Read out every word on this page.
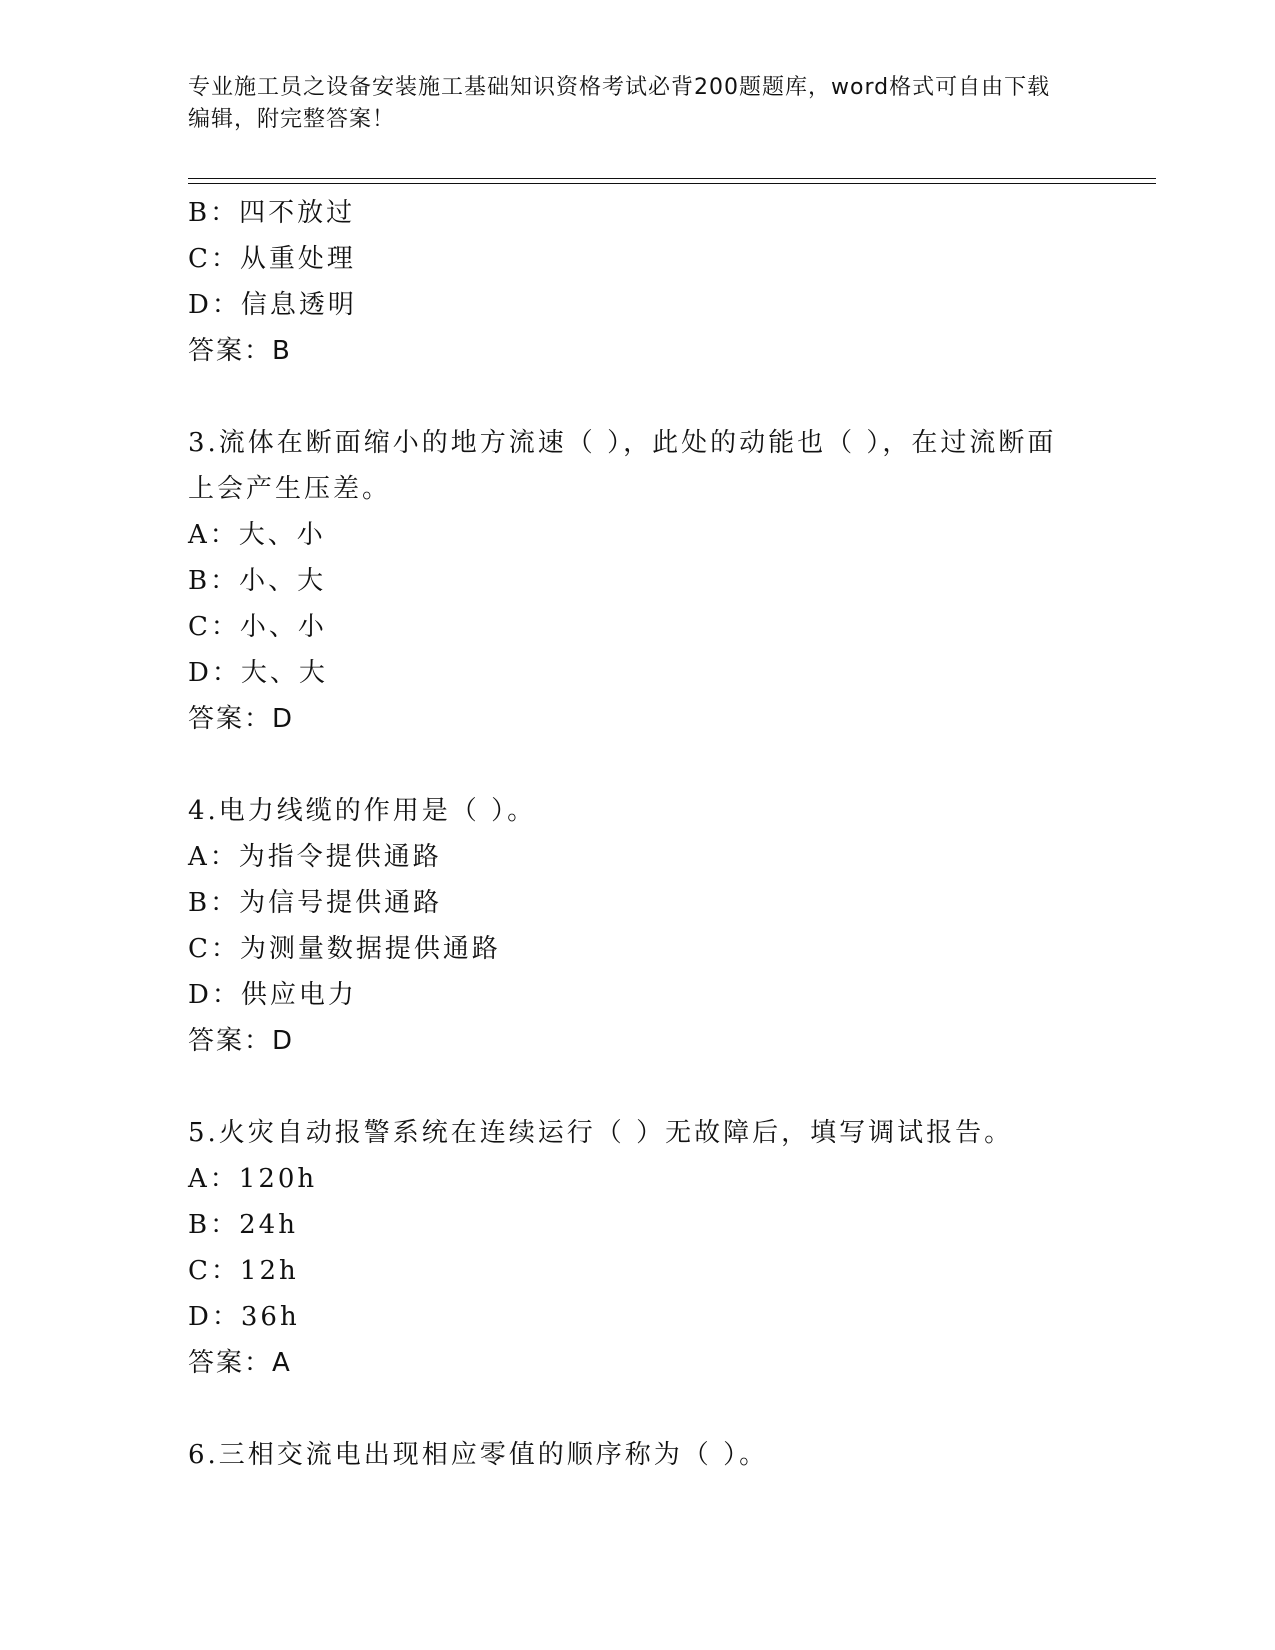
专业施工员之设备安装施工基础知识资格考试必背200题题库，word格式可自由下载编辑，附完整答案！
B：四不放过
C：从重处理
D：信息透明
答案：B
3.流体在断面缩小的地方流速（ ），此处的动能也（ ），在过流断面上会产生压差。
A：大、小
B：小、大
C：小、小
D：大、大
答案：D
4.电力线缆的作用是（ ）。
A：为指令提供通路
B：为信号提供通路
C：为测量数据提供通路
D：供应电力
答案：D
5.火灾自动报警系统在连续运行（ ）无故障后，填写调试报告。
A：120h
B：24h
C：12h
D：36h
答案：A
6.三相交流电出现相应零值的顺序称为（ ）。
